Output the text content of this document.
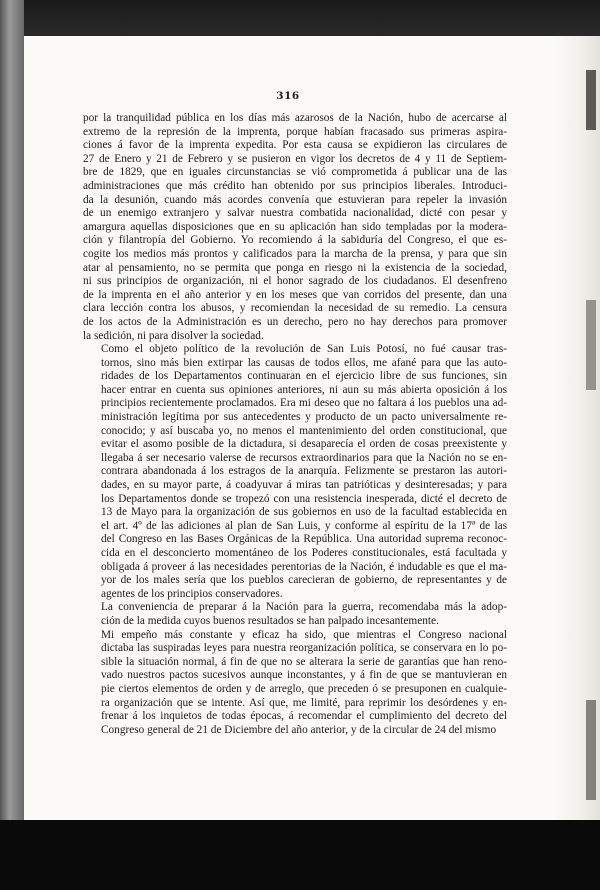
316

por la tranquilidad pública en los días más azarosos de la Nación, hubo de acercarse al
extremo de la represión de la imprenta, porque habían fracasado sus primeras aspira-
ciones á favor de la imprenta expedita. Por esta causa se expidieron las circulares de
27 de Enero y 21 de Febrero y se pusieron en vigor los decretos de 4 y 11 de Septiem-
bre de 1829, que en iguales circunstancias se vió comprometida á publicar una de las
administraciones que más crédito han obtenido por sus principios liberales. Introduci-
da la desunión, cuando más acordes convenía que estuvieran para repeler la invasión
de un enemigo extranjero y salvar nuestra combatida nacionalidad, dicté con pesar y
amargura aquellas disposiciones que en su aplicación han sido templadas por la modera-
ción y filantropía del Gobierno. Yo recomiendo á la sabiduría del Congreso, el que es-
cogite los medios más prontos y calificados para la marcha de la prensa, y para que sin
atar al pensamiento, no se permita que ponga en riesgo ni la existencia de la sociedad,
ni sus principios de organización, ni el honor sagrado de los ciudadanos. El desenfreno
de la imprenta en el año anterior y en los meses que van corridos del presente, dan una
clara lección contra los abusos, y recomiendan la necesidad de su remedio. La censura
de los actos de la Administración es un derecho, pero no hay derechos para promover
la sedición, ni para disolver la sociedad.

Como el objeto político de la revolución de San Luis Potosí, no fué causar tras-
tornos, sino más bien extirpar las causas de todos ellos, me afané para que las auto-
ridades de los Departamentos continuaran en el ejercicio libre de sus funciones, sin
hacer entrar en cuenta sus opiniones anteriores, ni aun su más abierta oposición á los
principios recientemente proclamados. Era mi deseo que no faltara á los pueblos una ad-
ministración legítima por sus antecedentes y producto de un pacto universalmente re-
conocido; y así buscaba yo, no menos el mantenimiento del orden constitucional, que
evitar el asomo posible de la dictadura, si desaparecía el orden de cosas preexistente y
llegaba á ser necesario valerse de recursos extraordinarios para que la Nación no se en-
contrara abandonada á los estragos de la anarquía. Felizmente se prestaron las autori-
dades, en su mayor parte, á coadyuvar á miras tan patrióticas y desinteresadas; y para
los Departamentos donde se tropezó con una resistencia inesperada, dicté el decreto de
13 de Mayo para la organización de sus gobiernos en uso de la facultad establecida en
el art. 4º de las adiciones al plan de San Luis, y conforme al espíritu de la 17ª de las
del Congreso en las Bases Orgánicas de la República. Una autoridad suprema reconoc-
cida en el desconcierto momentáneo de los Poderes constitucionales, está facultada y
obligada á proveer á las necesidades perentorias de la Nación, é indudable es que el ma-
yor de los males sería que los pueblos carecieran de gobierno, de representantes y de
agentes de los principios conservadores.

La conveniencia de preparar á la Nación para la guerra, recomendaba más la adop-
ción de la medida cuyos buenos resultados se han palpado incesantemente.

Mi empeño más constante y eficaz ha sido, que mientras el Congreso nacional
dictaba las suspiradas leyes para nuestra reorganización política, se conservara en lo po-
sible la situación normal, á fin de que no se alterara la serie de garantías que han reno-
vado nuestros pactos sucesivos aunque inconstantes, y á fin de que se mantuvieran en
pie ciertos elementos de orden y de arreglo, que preceden ó se presuponen en cualquie-
ra organización que se intente. Así que, me limité, para reprimir los desórdenes y en-
frenar á los inquietos de todas épocas, á recomendar el cumplimiento del decreto del
Congreso general de 21 de Diciembre del año anterior, y de la circular de 24 del mismo
